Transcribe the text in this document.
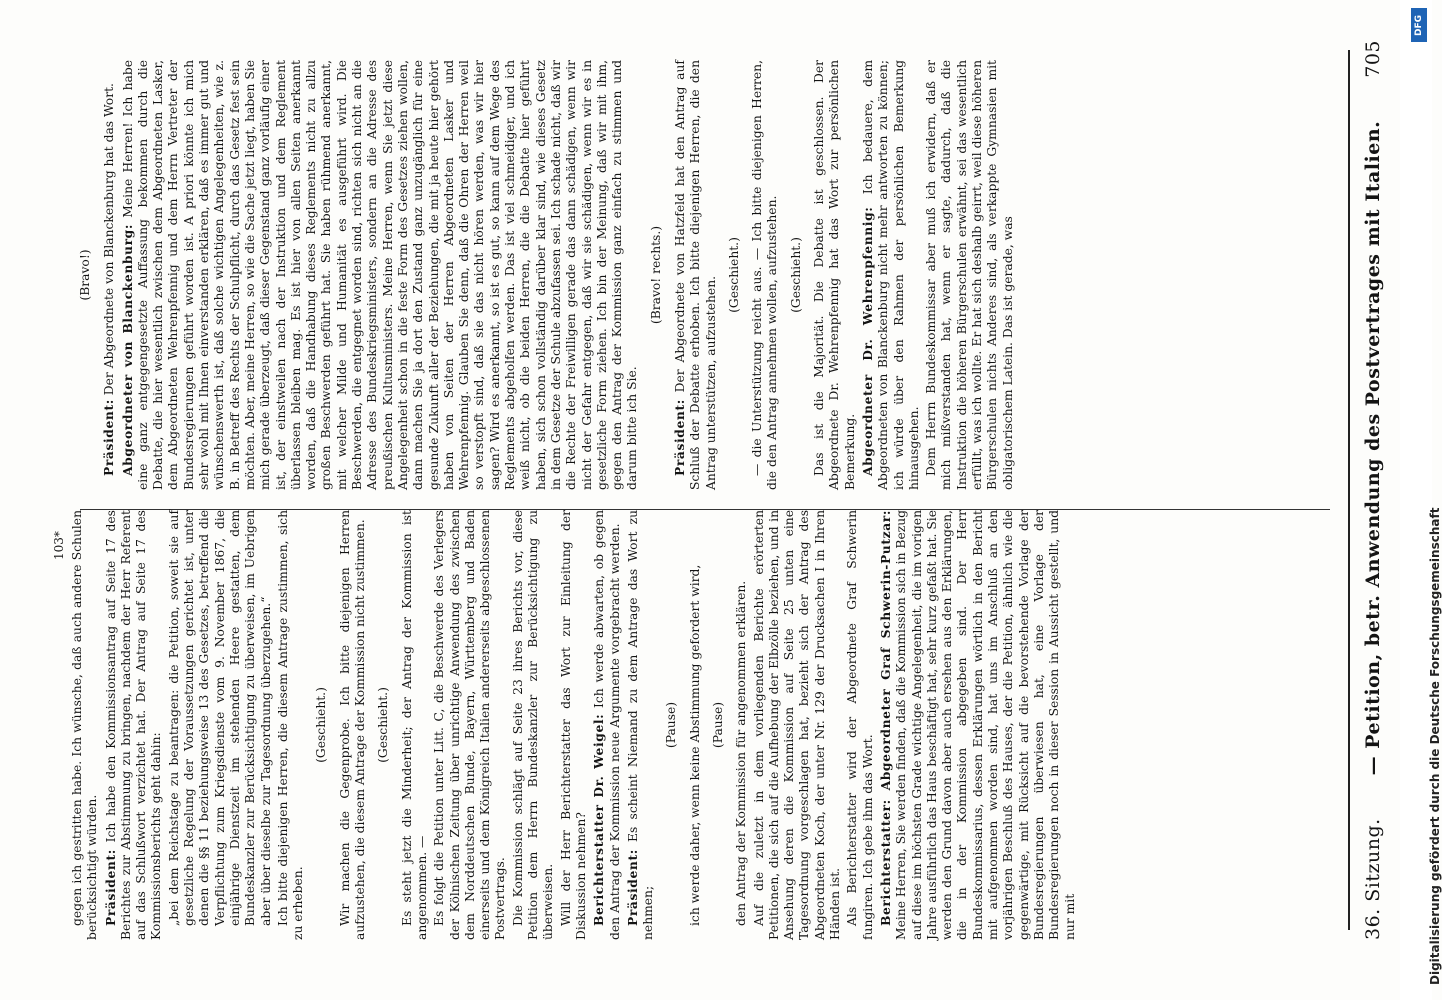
36. Sitzung.
— Petition, betr. Anwendung des Postvertrages mit Italien.
705

(Bravo!)

Präsident: Der Abgeordnete von Blanckenburg hat das Wort. Abgeordneter von Blanckenburg: Meine Herren! Ich habe eine ganz entgegengesetzte Auffassung bekommen durch die Debatte, die hier wesentlich zwischen dem Abgeordneten Lasker, dem Abgeordneten Wehrenpfennig und dem Herrn Vertreter der Bundesregierungen geführt worden ist. A priori könnte ich mich sehr wohl mit Ihnen einverstanden erklären, daß es immer gut und wünschenswerth ist, daß solche wichtigen Angelegenheiten, wie z. B. in Betreff des Rechts der Schulpflicht, durch das Gesetz fest sein möchten. Aber, meine Herren, so wie die Sache jetzt liegt, haben Sie mich gerade überzeugt, daß dieser Gegenstand ganz vorläufig einer ist, der einstweilen nach der Instruktion und dem Reglement überlassen bleiben mag. Es ist hier von allen Seiten anerkannt worden, daß die Handhabung dieses Reglements nicht zu allzu großen Beschwerden geführt hat. Sie haben rühmend anerkannt, mit welcher Milde und Humanität es ausgeführt wird. Die Beschwerden, die entgegnet worden sind, richten sich nicht an die Adresse des Bundeskriegsministers, sondern an die Adresse des preußischen Kultusministers. Meine Herren, wenn Sie jetzt diese Angelegenheit schon in die feste Form des Gesetzes ziehen wollen, dann machen Sie ja dort den Zustand ganz unzugänglich für eine gesunde Zukunft aller der Beziehungen, die mit ja heute hier gehört haben von Seiten der Herren Abgeordneten Lasker und Wehrenpfennig. Glauben Sie denn, daß die Ohren der Herren weil so verstopft sind, daß sie das nicht hören werden, was wir hier sagen? Wird es anerkannt, so ist es gut, so kann auf dem Wege des Reglements abgeholfen werden. Das ist viel schmeidiger, und ich weiß nicht, ob die beiden Herren, die die Debatte hier geführt haben, sich schon vollständig darüber klar sind, wie dieses Gesetz in dem Gesetze der Schule abzufassen sei. Ich schade nicht, daß wir die Rechte der Freiwilligen gerade das dann schädigen, wenn wir nicht der Gefahr entgegen, daß wir sie schädigen, wenn wir es in gesetzliche Form ziehen. Ich bin der Meinung, daß wir mit ihm, gegen den Antrag der Kommission ganz einfach zu stimmen und darum bitte ich Sie.

(Bravo! rechts.)

Präsident: Der Abgeordnete von Hatzfeld hat den Antrag auf Schluß der Debatte erhoben. Ich bitte diejenigen Herren, die den Antrag unterstützen, aufzustehen.

(Geschieht.) — die Unterstützung reicht aus. — Ich bitte diejenigen Herren, die den Antrag annehmen wollen, aufzustehen. (Geschieht.) Das ist die Majorität. Die Debatte ist geschlossen. Der Abgeordnete Dr. Wehrenpfennig hat das Wort zur persönlichen Bemerkung. Abgeordneter Dr. Wehrenpfennig: Ich bedauere, dem Abgeordneten von Blanckenburg nicht mehr antworten zu können; ich würde über den Rahmen der persönlichen Bemerkung hinausgehen. Dem Herrn Bundeskommissar aber muß ich erwidern, daß er mich mißverstanden hat, wenn er sagte, dadurch, daß die Instruktion die höheren Bürgerschulen erwähnt, sei das wesentlich erfüllt, was ich wollte. Er hat sich deshalb geirrt, weil diese höheren Bürgerschulen nichts Anderes sind, als verkappte Gymnasien mit obligatorischem Latein. Das ist gerade, was

gegen ich gestritten habe. Ich wünsche, daß auch andere Schulen berücksichtigt würden. Präsident: Ich habe den Kommissionsantrag auf Seite 17 des Berichtes zur Abstimmung zu bringen, nachdem der Herr Referent auf das Schlußwort verzichtet hat. Der Antrag auf Seite 17 des Kommissionsberichts geht dahin: „bei dem Reichstage zu beantragen: die Petition, soweit sie auf gesetzliche Regelung der Voraussetzungen gerichtet ist, unter denen die §§ 11 beziehungsweise 13 des Gesetzes, betreffend die Verpflichtung zum Kriegsdienste vom 9. November 1867, die einjährige Dienstzeit im stehenden Heere gestatten, dem Bundeskanzler zur Berücksichtigung zu überweisen, im Uebrigen aber über dieselbe zur Tagesordnung überzugehen.“ Ich bitte diejenigen Herren, die diesem Antrage zustimmen, sich zu erheben.

(Geschieht.) Wir machen die Gegenprobe. Ich bitte diejenigen Herren aufzustehen, die diesem Antrage der Kommission nicht zustimmen. (Geschieht.) Es steht jetzt die Minderheit; der Antrag der Kommission ist angenommen. — Es folgt die Petition unter Litt. C, die Beschwerde des Verlegers der Kölnischen Zeitung über unrichtige Anwendung des zwischen dem Norddeutschen Bunde, Bayern, Württemberg und Baden einerseits und dem Königreich Italien andererseits abgeschlossenen Postvertrags. Die Kommission schlägt auf Seite 23 ihres Berichts vor, diese Petition dem Herrn Bundeskanzler zur Berücksichtigung zu überweisen. Will der Herr Berichterstatter das Wort zur Einleitung der Diskussion nehmen? Berichterstatter Dr. Weigel: Ich werde abwarten, ob gegen den Antrag der Kommission neue Argumente vorgebracht werden. Präsident: Es scheint Niemand zu dem Antrage das Wort zu nehmen;

(Pause) ich werde daher, wenn keine Abstimmung gefordert wird, (Pause) den Antrag der Kommission für angenommen erklären. Auf die zuletzt in dem vorliegenden Berichte erörterten Petitionen, die sich auf die Aufhebung der Elbzölle beziehen, und in Ansehung deren die Kommission auf Seite 25 unten eine Tagesordnung vorgeschlagen hat, bezieht sich der Antrag des Abgeordneten Koch, der unter Nr. 129 der Drucksachen I in Ihren Händen ist. Als Berichterstatter wird der Abgeordnete Graf Schwerin fungiren. Ich gebe ihm das Wort. Berichterstatter: Abgeordneter Graf Schwerin-Putzar: Meine Herren, Sie werden finden, daß die Kommission sich in Bezug auf diese im höchsten Grade wichtige Angelegenheit, die im vorigen Jahre ausführlich das Haus beschäftigt hat, sehr kurz gefaßt hat. Sie werden den Grund davon aber auch ersehen aus den Erklärungen, die in der Kommission abgegeben sind. Der Herr Bundeskommissarius, dessen Erklärungen wörtlich in den Bericht mit aufgenommen worden sind, hat uns im Anschluß an den vorjährigen Beschluß des Hauses, der die Petition, ähnlich wie die gegenwärtige, mit Rücksicht auf die bevorstehende Vorlage der Bundesregierungen überwiesen hat, eine Vorlage der Bundesregierungen noch in dieser Session in Aussicht gestellt, und nur mit

103*
DFG
Digitalisierung gefördert durch die Deutsche Forschungsgemeinschaft
